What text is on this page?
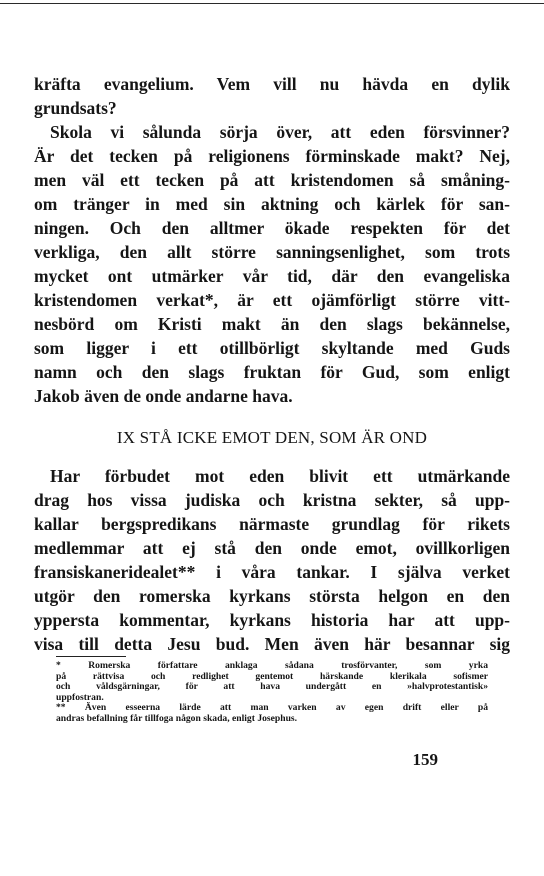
kräfta evangelium. Vem vill nu hävda en dylik
grundsats?
Skola vi sålunda sörja över, att eden försvinner?
Är det tecken på religionens förminskade makt? Nej,
men väl ett tecken på att kristendomen så småning-
om tränger in med sin aktning och kärlek för san-
ningen. Och den alltmer ökade respekten för det
verkliga, den allt större sanningsenlighet, som trots
mycket ont utmärker vår tid, där den evangeliska
kristendomen verkat*, är ett ojämförligt större vitt-
nesbörd om Kristi makt än den slags bekännelse,
som ligger i ett otillbörligt skyltande med Guds
namn och den slags fruktan för Gud, som enligt
Jakob även de onde andarne hava.
IX STÅ ICKE EMOT DEN, SOM ÄR OND
Har förbudet mot eden blivit ett utmärkande
drag hos vissa judiska och kristna sekter, så upp-
kallar bergspredikans närmaste grundlag för rikets
medlemmar att ej stå den onde emot, ovillkorligen
fransiskaneridealet** i våra tankar. I själva verket
utgör den romerska kyrkans största helgon en den
yppersta kommentar, kyrkans historia har att upp-
visa till detta Jesu bud. Men även här besannar sig
* Romerska författare anklaga sådana trosförvanter, som yrka
på rättvisa och redlighet gentemot härskande klerikala sofismer
och våldsgärningar, för att hava undergått en »halvprotestantisk»
uppfostran.
** Även esseerna lärde att man varken av egen drift eller på
andras befallning får tillfoga någon skada, enligt Josephus.
159
